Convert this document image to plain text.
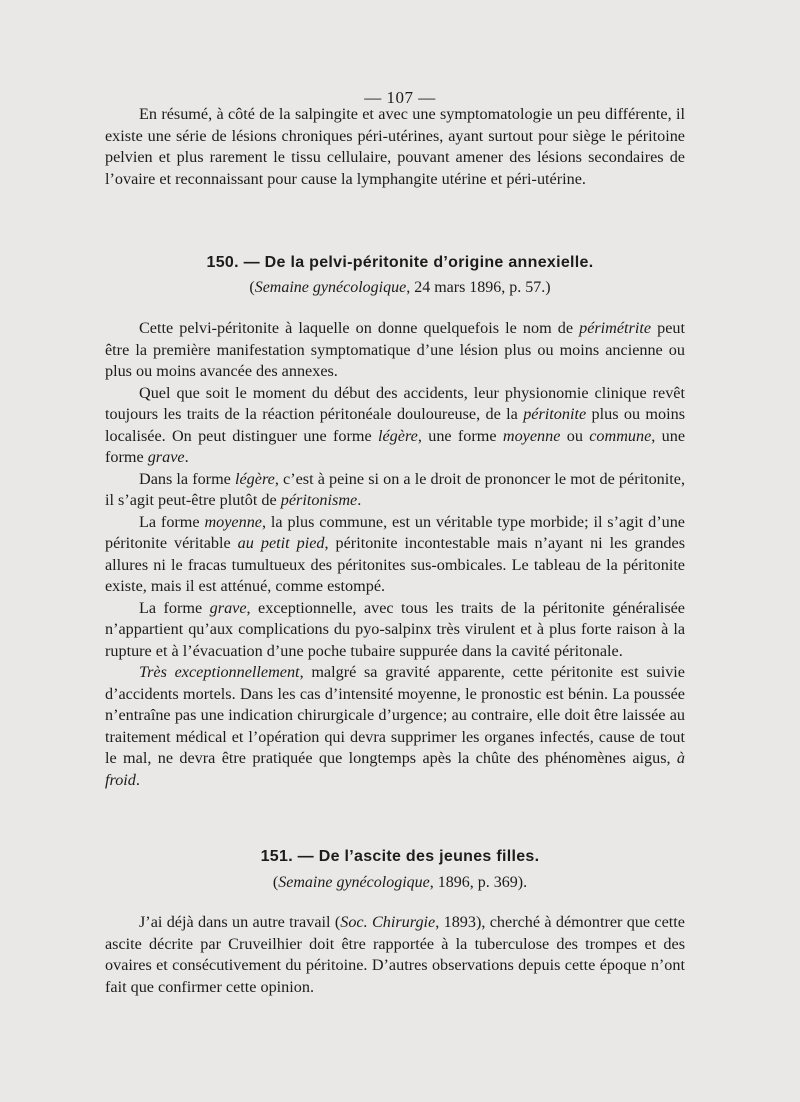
— 107 —

En résumé, à côté de la salpingite et avec une symptomatologie un peu différente, il existe une série de lésions chroniques péri-utérines, ayant surtout pour siège le péritoine pelvien et plus rarement le tissu cellulaire, pouvant amener des lésions secondaires de l’ovaire et reconnaissant pour cause la lymphangite utérine et péri-utérine.

150. — De la pelvi-péritonite d’origine annexielle.
(Semaine gynécologique, 24 mars 1896, p. 57.)

Cette pelvi-péritonite à laquelle on donne quelquefois le nom de périmétrite peut être la première manifestation symptomatique d’une lésion plus ou moins ancienne ou plus ou moins avancée des annexes.

Quel que soit le moment du début des accidents, leur physionomie clinique revêt toujours les traits de la réaction péritonéale douloureuse, de la péritonite plus ou moins localisée. On peut distinguer une forme légère, une forme moyenne ou commune, une forme grave.

Dans la forme légère, c’est à peine si on a le droit de prononcer le mot de péritonite, il s’agit peut-être plutôt de péritonisme.

La forme moyenne, la plus commune, est un véritable type morbide; il s’agit d’une péritonite véritable au petit pied, péritonite incontestable mais n’ayant ni les grandes allures ni le fracas tumultueux des péritonites sus-ombicales. Le tableau de la péritonite existe, mais il est atténué, comme estompé.

La forme grave, exceptionnelle, avec tous les traits de la péritonite généralisée n’appartient qu’aux complications du pyo-salpinx très virulent et à plus forte raison à la rupture et à l’évacuation d’une poche tubaire suppurée dans la cavité péritonale.

Très exceptionnellement, malgré sa gravité apparente, cette péritonite est suivie d’accidents mortels. Dans les cas d’intensité moyenne, le pronostic est bénin. La poussée n’entraîne pas une indication chirurgicale d’urgence; au contraire, elle doit être laissée au traitement médical et l’opération qui devra supprimer les organes infectés, cause de tout le mal, ne devra être pratiquée que longtemps apès la chûte des phénomènes aigus, à froid.

151. — De l’ascite des jeunes filles.
(Semaine gynécologique, 1896, p. 369).

J’ai déjà dans un autre travail (Soc. Chirurgie, 1893), cherché à démontrer que cette ascite décrite par Cruveilhier doit être rapportée à la tuberculose des trompes et des ovaires et consécutivement du péritoine. D’autres observations depuis cette époque n’ont fait que confirmer cette opinion.
